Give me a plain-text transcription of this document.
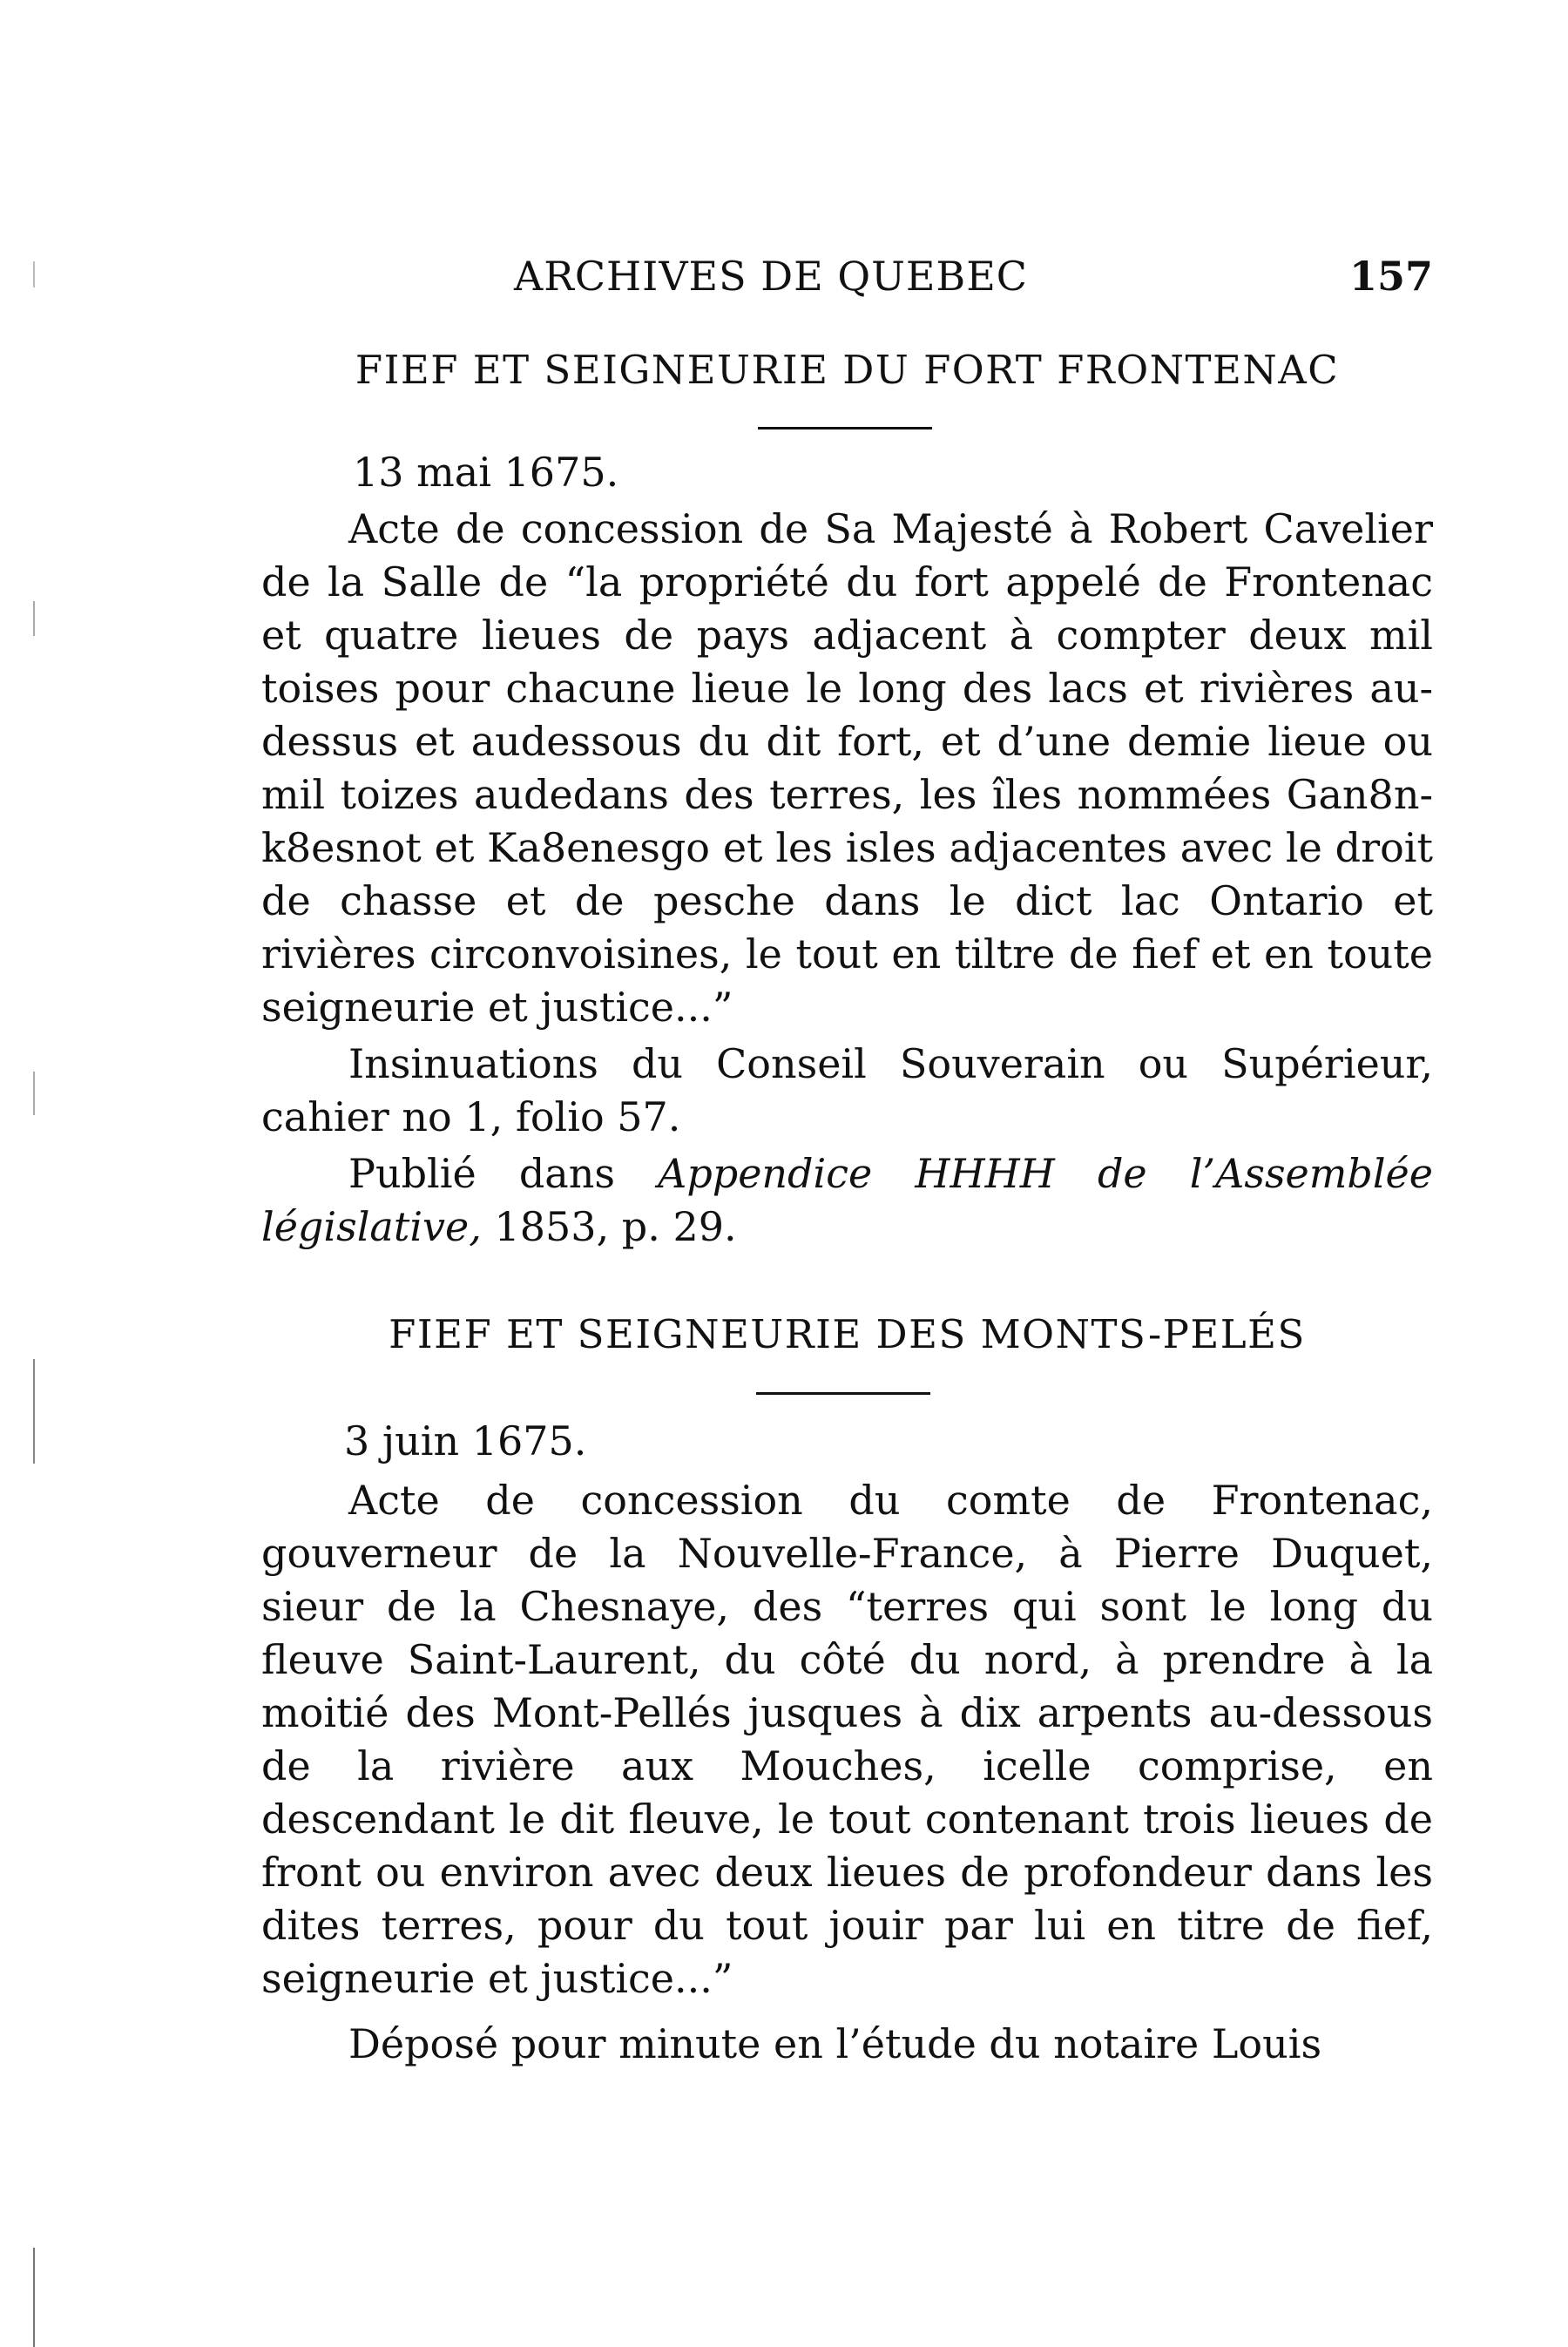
ARCHIVES DE QUEBEC	157
FIEF ET SEIGNEURIE DU FORT FRONTENAC
13 mai 1675.

Acte de concession de Sa Majesté à Robert Cavelier de la Salle de “la propriété du fort appelé de Frontenac et quatre lieues de pays adjacent à compter deux mil toises pour chacune lieue le long des lacs et rivières au-dessus et audessous du dit fort, et d’une demie lieue ou mil toizes audedans des terres, les îles nommées Gan8n-k8esnot et Ka8enesgo et les isles adjacentes avec le droit de chasse et de pesche dans le dict lac Ontario et rivières circonvoisines, le tout en tiltre de fief et en toute seigneurie et justice...”

Insinuations du Conseil Souverain ou Supérieur, cahier no 1, folio 57.

Publié dans Appendice HHHH de l’Assemblée législative, 1853, p. 29.

FIEF ET SEIGNEURIE DES MONTS-PELÉS
3 juin 1675.

Acte de concession du comte de Frontenac, gouverneur de la Nouvelle-France, à Pierre Duquet, sieur de la Chesnaye, des “terres qui sont le long du fleuve Saint-Laurent, du côté du nord, à prendre à la moitié des Mont-Pellés jusques à dix arpents au-dessous de la rivière aux Mouches, icelle comprise, en descendant le dit fleuve, le tout contenant trois lieues de front ou environ avec deux lieues de profondeur dans les dites terres, pour du tout jouir par lui en titre de fief, seigneurie et justice...”

Déposé pour minute en l’étude du notaire Louis
